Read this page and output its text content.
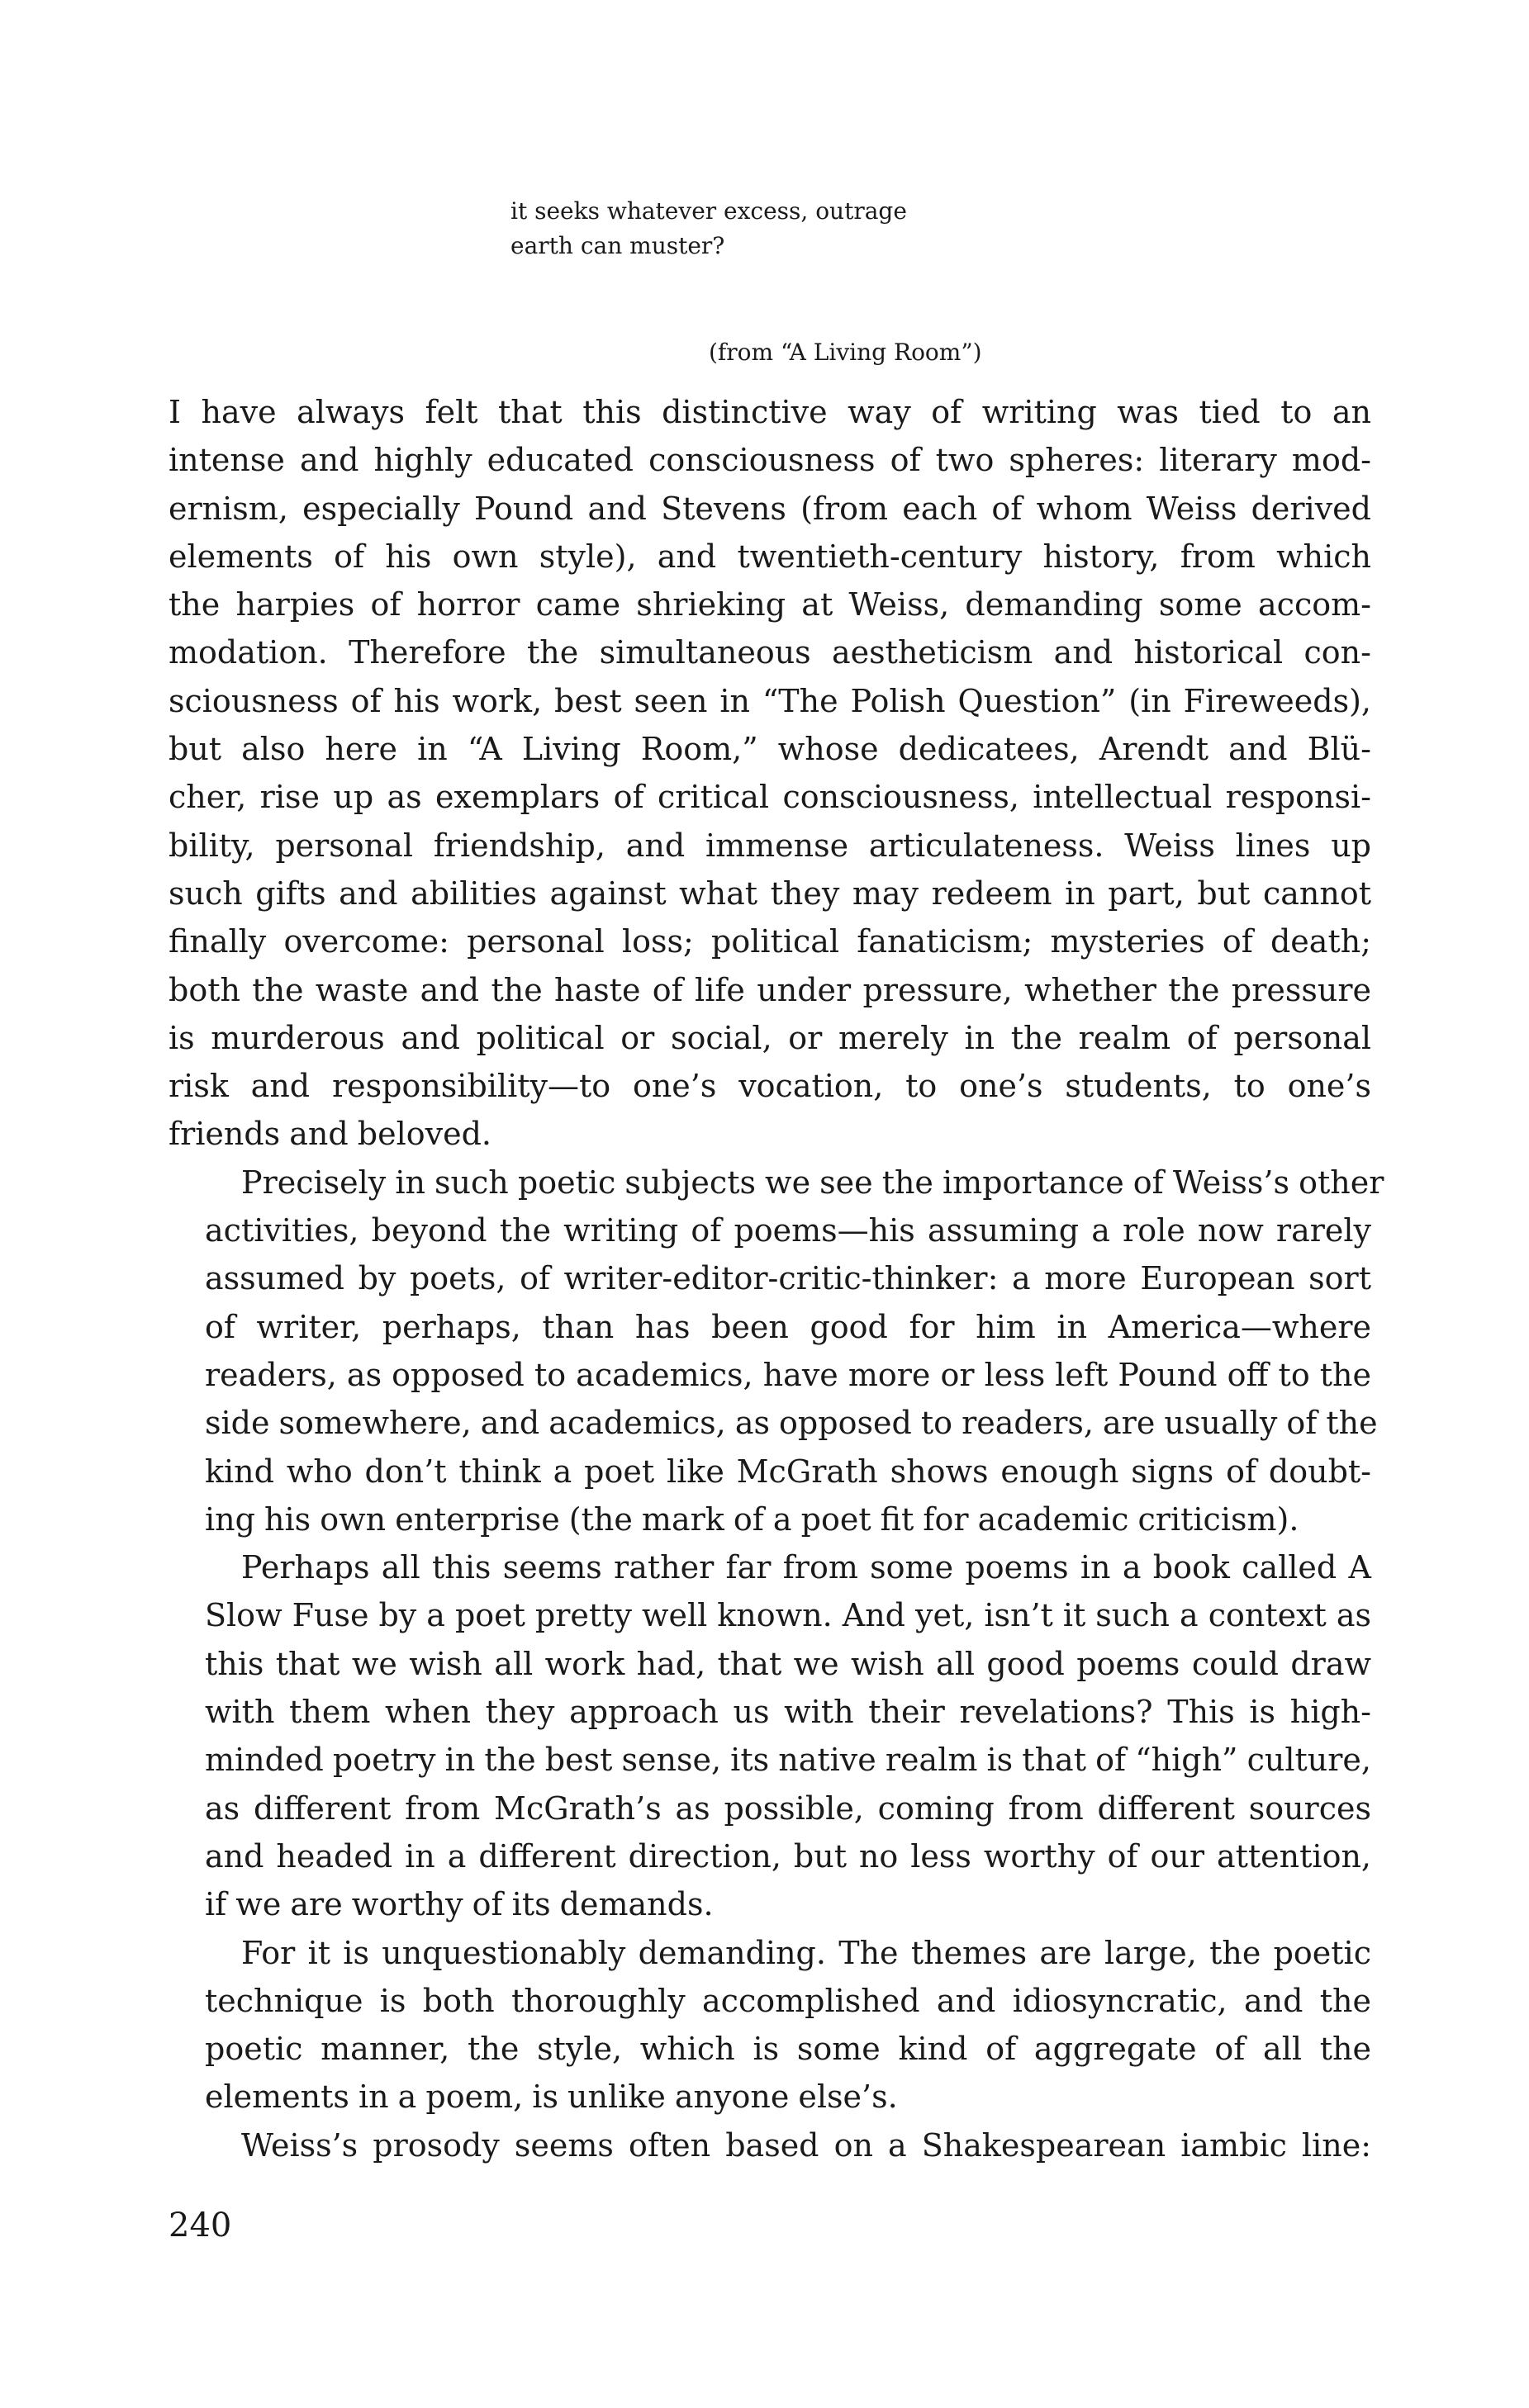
it seeks whatever excess, outrage
earth can muster?
(from “A Living Room”)

I have always felt that this distinctive way of writing was tied to an
intense and highly educated consciousness of two spheres: literary mod-
ernism, especially Pound and Stevens (from each of whom Weiss derived
elements of his own style), and twentieth-century history, from which
the harpies of horror came shrieking at Weiss, demanding some accom-
modation. Therefore the simultaneous aestheticism and historical con-
sciousness of his work, best seen in “The Polish Question” (in Fireweeds),
but also here in “A Living Room,” whose dedicatees, Arendt and Blü-
cher, rise up as exemplars of critical consciousness, intellectual responsi-
bility, personal friendship, and immense articulateness. Weiss lines up
such gifts and abilities against what they may redeem in part, but cannot
finally overcome: personal loss; political fanaticism; mysteries of death;
both the waste and the haste of life under pressure, whether the pressure
is murderous and political or social, or merely in the realm of personal
risk and responsibility—to one’s vocation, to one’s students, to one’s
friends and beloved.

Precisely in such poetic subjects we see the importance of Weiss’s other
activities, beyond the writing of poems—his assuming a role now rarely
assumed by poets, of writer-editor-critic-thinker: a more European sort
of writer, perhaps, than has been good for him in America—where
readers, as opposed to academics, have more or less left Pound off to the
side somewhere, and academics, as opposed to readers, are usually of the
kind who don’t think a poet like McGrath shows enough signs of doubt-
ing his own enterprise (the mark of a poet fit for academic criticism).

Perhaps all this seems rather far from some poems in a book called A
Slow Fuse by a poet pretty well known. And yet, isn’t it such a context as
this that we wish all work had, that we wish all good poems could draw
with them when they approach us with their revelations? This is high-
minded poetry in the best sense, its native realm is that of “high” culture,
as different from McGrath’s as possible, coming from different sources
and headed in a different direction, but no less worthy of our attention,
if we are worthy of its demands.

For it is unquestionably demanding. The themes are large, the poetic
technique is both thoroughly accomplished and idiosyncratic, and the
poetic manner, the style, which is some kind of aggregate of all the
elements in a poem, is unlike anyone else’s.

Weiss’s prosody seems often based on a Shakespearean iambic line:

240
